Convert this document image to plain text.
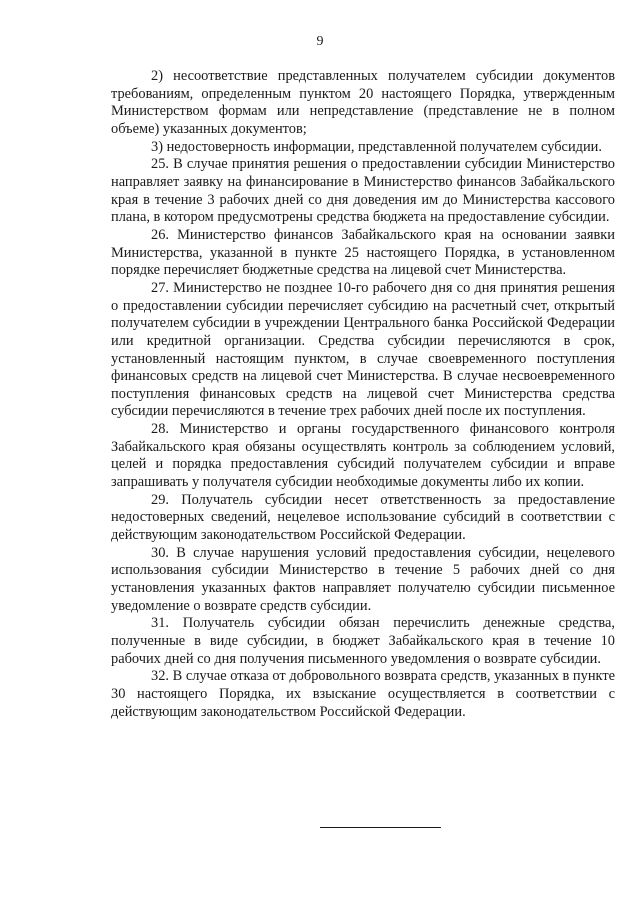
9

2) несоответствие представленных получателем субсидии документов требованиям, определенным пунктом 20 настоящего Порядка, утвержденным Министерством формам или непредставление (представление не в полном объеме) указанных документов;

3) недостоверность информации, представленной получателем субсидии.

25. В случае принятия решения о предоставлении субсидии Министерство направляет заявку на финансирование в Министерство финансов Забайкальского края в течение 3 рабочих дней со дня доведения им до Министерства кассового плана, в котором предусмотрены средства бюджета на предоставление субсидии.

26. Министерство финансов Забайкальского края на основании заявки Министерства, указанной в пункте 25 настоящего Порядка, в установленном порядке перечисляет бюджетные средства на лицевой счет Министерства.

27. Министерство не позднее 10-го рабочего дня со дня принятия решения о предоставлении субсидии перечисляет субсидию на расчетный счет, открытый получателем субсидии в учреждении Центрального банка Российской Федерации или кредитной организации. Средства субсидии перечисляются в срок, установленный настоящим пунктом, в случае своевременного поступления финансовых средств на лицевой счет Министерства. В случае несвоевременного поступления финансовых средств на лицевой счет Министерства средства субсидии перечисляются в течение трех рабочих дней после их поступления.

28. Министерство и органы государственного финансового контроля Забайкальского края обязаны осуществлять контроль за соблюдением условий, целей и порядка предоставления субсидий получателем субсидии и вправе запрашивать у получателя субсидии необходимые документы либо их копии.

29. Получатель субсидии несет ответственность за предоставление недостоверных сведений, нецелевое использование субсидий в соответствии с действующим законодательством Российской Федерации.

30. В случае нарушения условий предоставления субсидии, нецелевого использования субсидии Министерство в течение 5 рабочих дней со дня установления указанных фактов направляет получателю субсидии письменное уведомление о возврате средств субсидии.

31. Получатель субсидии обязан перечислить денежные средства, полученные в виде субсидии, в бюджет Забайкальского края в течение 10 рабочих дней со дня получения письменного уведомления о возврате субсидии.

32. В случае отказа от добровольного возврата средств, указанных в пункте 30 настоящего Порядка, их взыскание осуществляется в соответствии с действующим законодательством Российской Федерации.
